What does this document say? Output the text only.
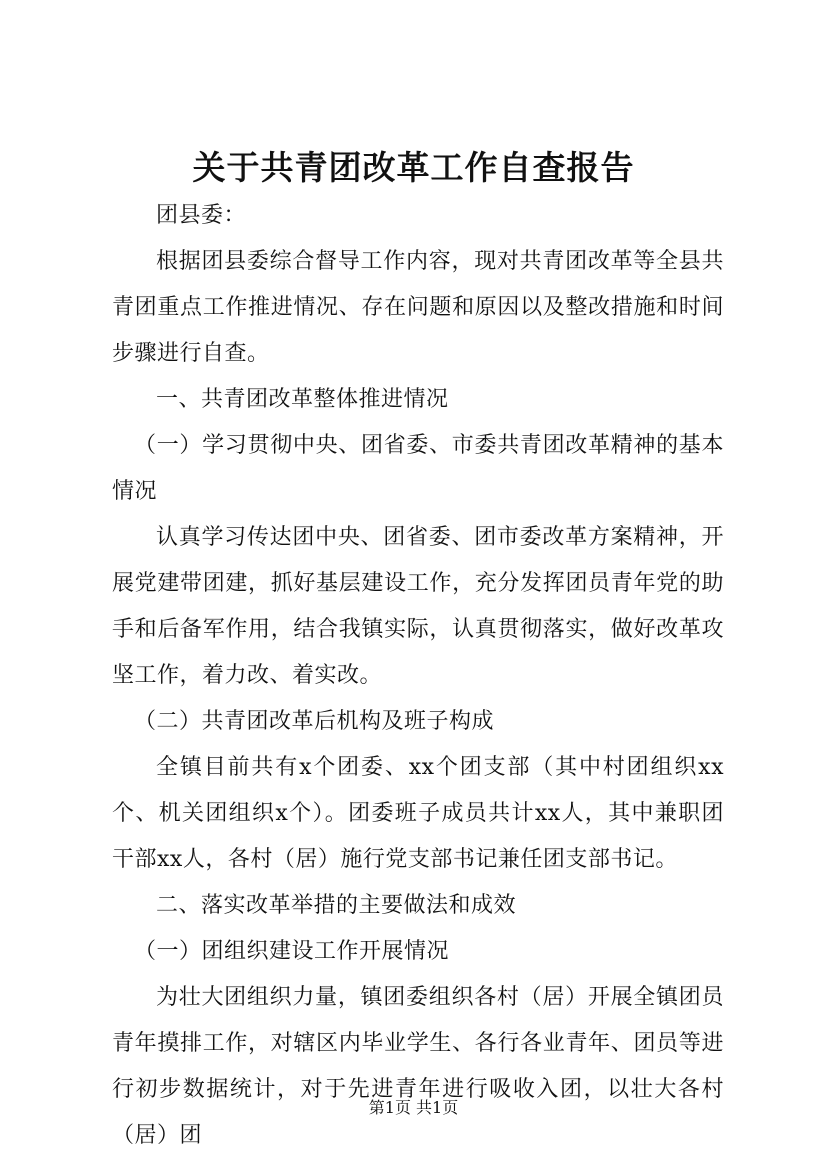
关于共青团改革工作自查报告

团县委：

根据团县委综合督导工作内容，现对共青团改革等全县共青团重点工作推进情况、存在问题和原因以及整改措施和时间步骤进行自查。

一、共青团改革整体推进情况

（一）学习贯彻中央、团省委、市委共青团改革精神的基本情况

认真学习传达团中央、团省委、团市委改革方案精神，开展党建带团建，抓好基层建设工作，充分发挥团员青年党的助手和后备军作用，结合我镇实际，认真贯彻落实，做好改革攻坚工作，着力改、着实改。

（二）共青团改革后机构及班子构成

全镇目前共有x个团委、xx个团支部（其中村团组织xx个、机关团组织x个）。团委班子成员共计xx人，其中兼职团干部xx人，各村（居）施行党支部书记兼任团支部书记。

二、落实改革举措的主要做法和成效

（一）团组织建设工作开展情况

为壮大团组织力量，镇团委组织各村（居）开展全镇团员青年摸排工作，对辖区内毕业学生、各行各业青年、团员等进行初步数据统计，对于先进青年进行吸收入团，以壮大各村（居）团

第1页 共1页
